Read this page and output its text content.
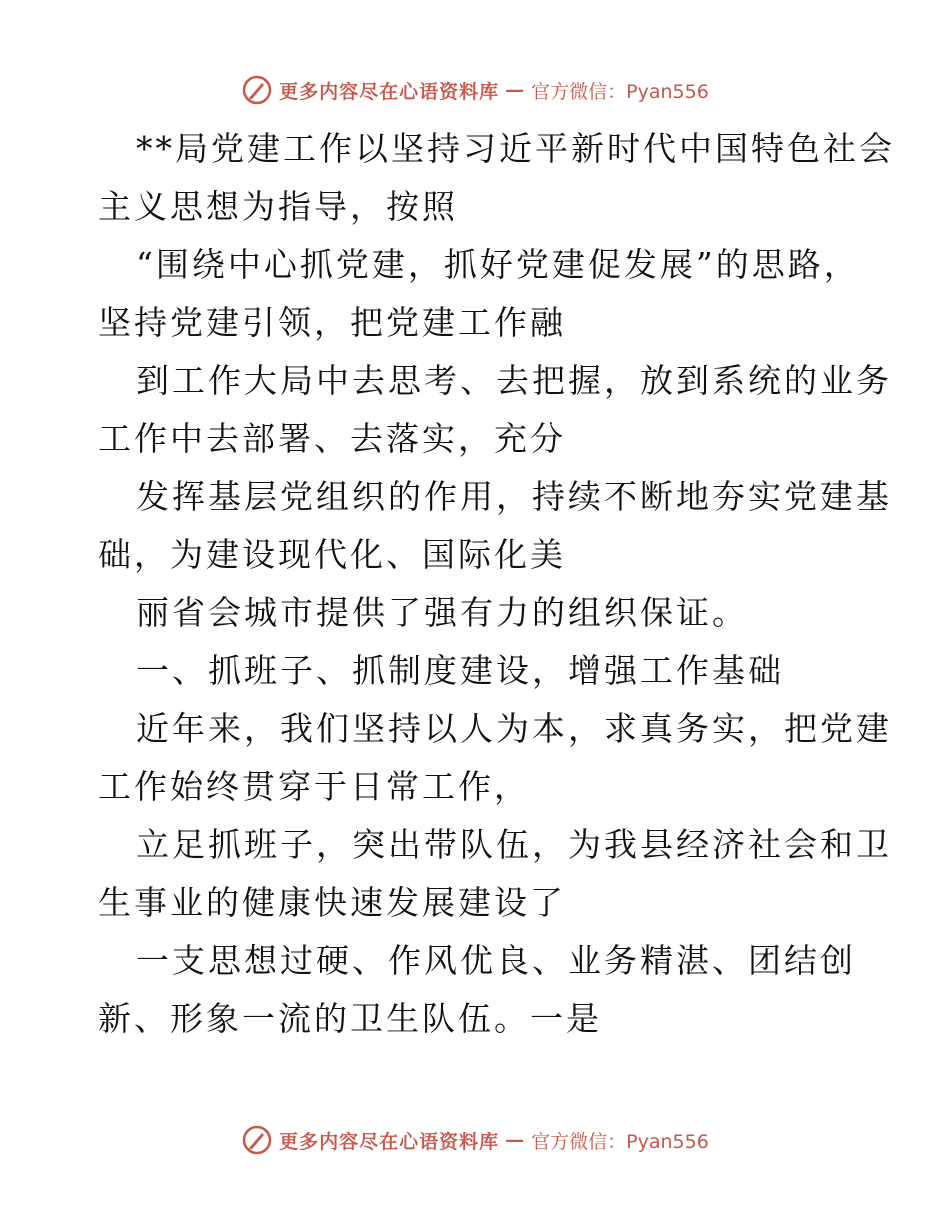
更多内容尽在心语资料库 — 官方微信：Pyan556
**局党建工作以坚持习近平新时代中国特色社会
主义思想为指导，按照
“围绕中心抓党建，抓好党建促发展”的思路，
坚持党建引领，把党建工作融
到工作大局中去思考、去把握，放到系统的业务
工作中去部署、去落实，充分
发挥基层党组织的作用，持续不断地夯实党建基
础，为建设现代化、国际化美
丽省会城市提供了强有力的组织保证。
一、抓班子、抓制度建设，增强工作基础
近年来，我们坚持以人为本，求真务实，把党建
工作始终贯穿于日常工作，
立足抓班子，突出带队伍，为我县经济社会和卫
生事业的健康快速发展建设了
一支思想过硬、作风优良、业务精湛、团结创
新、形象一流的卫生队伍。一是
更多内容尽在心语资料库 — 官方微信：Pyan556
